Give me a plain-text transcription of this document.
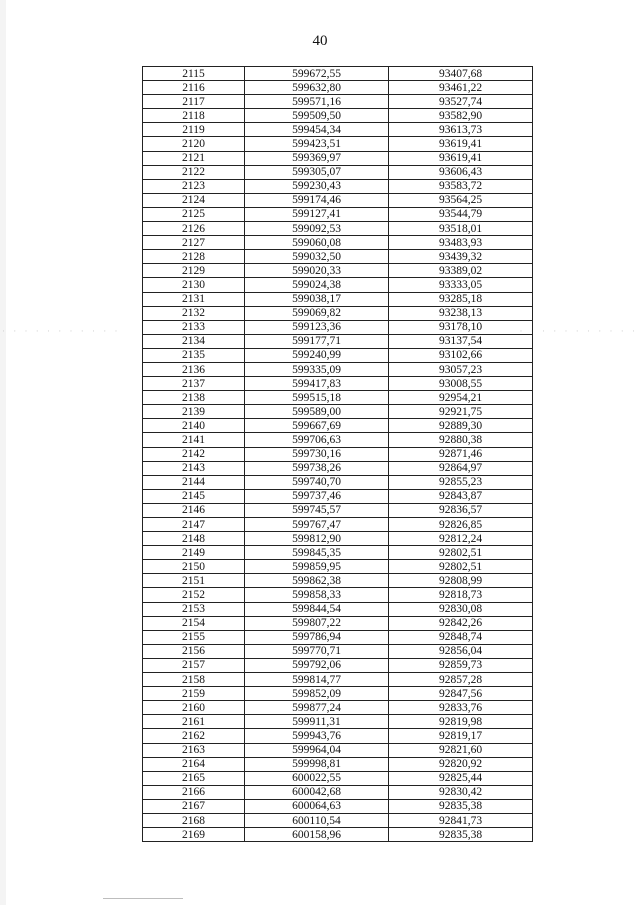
40
· · · · · · · · · · ·	· · · · · · · · · · ·
2115	599672,55	93407,68
2116	599632,80	93461,22
2117	599571,16	93527,74
2118	599509,50	93582,90
2119	599454,34	93613,73
2120	599423,51	93619,41
2121	599369,97	93619,41
2122	599305,07	93606,43
2123	599230,43	93583,72
2124	599174,46	93564,25
2125	599127,41	93544,79
2126	599092,53	93518,01
2127	599060,08	93483,93
2128	599032,50	93439,32
2129	599020,33	93389,02
2130	599024,38	93333,05
2131	599038,17	93285,18
2132	599069,82	93238,13
2133	599123,36	93178,10
2134	599177,71	93137,54
2135	599240,99	93102,66
2136	599335,09	93057,23
2137	599417,83	93008,55
2138	599515,18	92954,21
2139	599589,00	92921,75
2140	599667,69	92889,30
2141	599706,63	92880,38
2142	599730,16	92871,46
2143	599738,26	92864,97
2144	599740,70	92855,23
2145	599737,46	92843,87
2146	599745,57	92836,57
2147	599767,47	92826,85
2148	599812,90	92812,24
2149	599845,35	92802,51
2150	599859,95	92802,51
2151	599862,38	92808,99
2152	599858,33	92818,73
2153	599844,54	92830,08
2154	599807,22	92842,26
2155	599786,94	92848,74
2156	599770,71	92856,04
2157	599792,06	92859,73
2158	599814,77	92857,28
2159	599852,09	92847,56
2160	599877,24	92833,76
2161	599911,31	92819,98
2162	599943,76	92819,17
2163	599964,04	92821,60
2164	599998,81	92820,92
2165	600022,55	92825,44
2166	600042,68	92830,42
2167	600064,63	92835,38
2168	600110,54	92841,73
2169	600158,96	92835,38
